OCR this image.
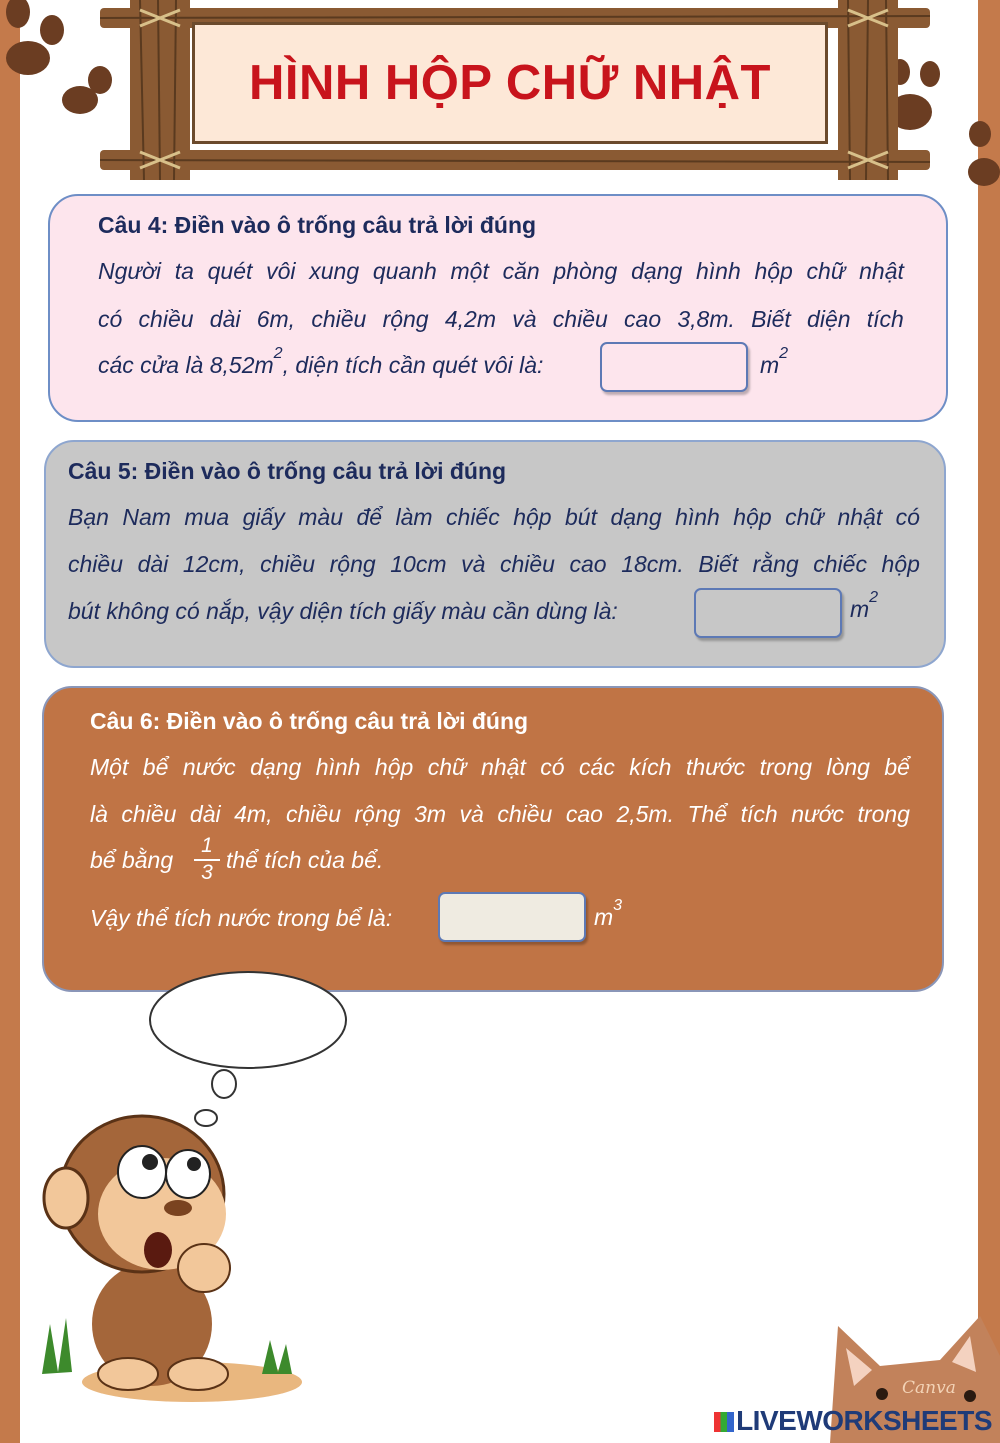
HÌNH HỘP CHỮ NHẬT
Câu 4: Điền vào ô trống câu trả lời đúng
Người ta quét vôi xung quanh một căn phòng dạng hình hộp chữ nhật
có chiều dài 6m, chiều rộng 4,2m và chiều cao 3,8m. Biết diện tích
các cửa là $8,52m^2$, diện tích cần quét vôi là:	$m^2$
Câu 5: Điền vào ô trống câu trả lời đúng
Bạn Nam mua giấy màu để làm chiếc hộp bút dạng hình hộp chữ nhật có
chiều dài 12cm, chiều rộng 10cm và chiều cao 18cm. Biết rằng chiếc hộp
bút không có nắp, vậy diện tích giấy màu cần dùng là:	$m^2$
Câu 6: Điền vào ô trống câu trả lời đúng
Một bể nước dạng hình hộp chữ nhật có các kích thước trong lòng bể
là chiều dài 4m, chiều rộng 3m và chiều cao 2,5m. Thể tích nước trong
bể bằng $\frac{1}{3}$ thể tích của bể.
Vậy thể tích nước trong bể là:	$m^3$
Canva
LIVEWORKSHEETS
